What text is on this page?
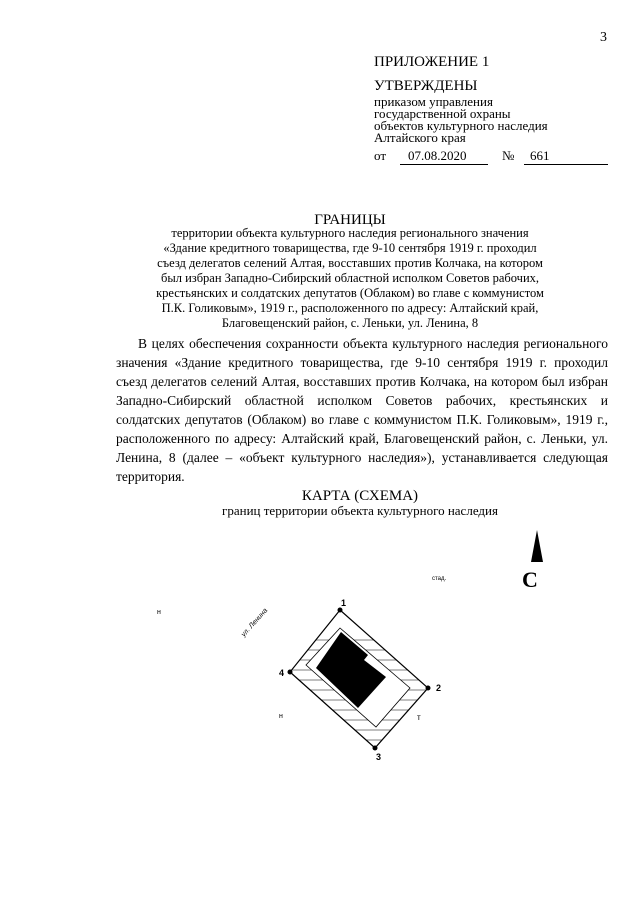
3
ПРИЛОЖЕНИЕ 1
УТВЕРЖДЕНЫ
приказом управления
государственной охраны
объектов культурного наследия
Алтайского края
от	07.08.2020	№	661
ГРАНИЦЫ
территории объекта культурного наследия регионального значения
«Здание кредитного товарищества, где 9-10 сентября 1919 г. проходил
съезд делегатов селений Алтая, восставших против Колчака, на котором
был избран Западно-Сибирский областной исполком Советов рабочих,
крестьянских и солдатских депутатов (Облаком) во главе с коммунистом
П.К. Голиковым», 1919 г., расположенного по адресу: Алтайский край,
Благовещенский район, с. Леньки, ул. Ленина, 8
В целях обеспечения сохранности объекта культурного наследия регионального значения «Здание кредитного товарищества, где 9-10 сентября 1919 г. проходил съезд делегатов селений Алтая, восставших против Колчака, на котором был избран Западно-Сибирский областной исполком Советов рабочих, крестьянских и солдатских депутатов (Облаком) во главе с коммунистом П.К. Голиковым», 1919 г., расположенного по адресу: Алтайский край, Благовещенский район, с. Леньки, ул. Ленина, 8 (далее – «объект культурного наследия»), устанавливается следующая территория.
КАРТА (СХЕМА)
границ территории объекта культурного наследия
С
стад.
1
2
3
4
ул. Ленина
н
н	т
